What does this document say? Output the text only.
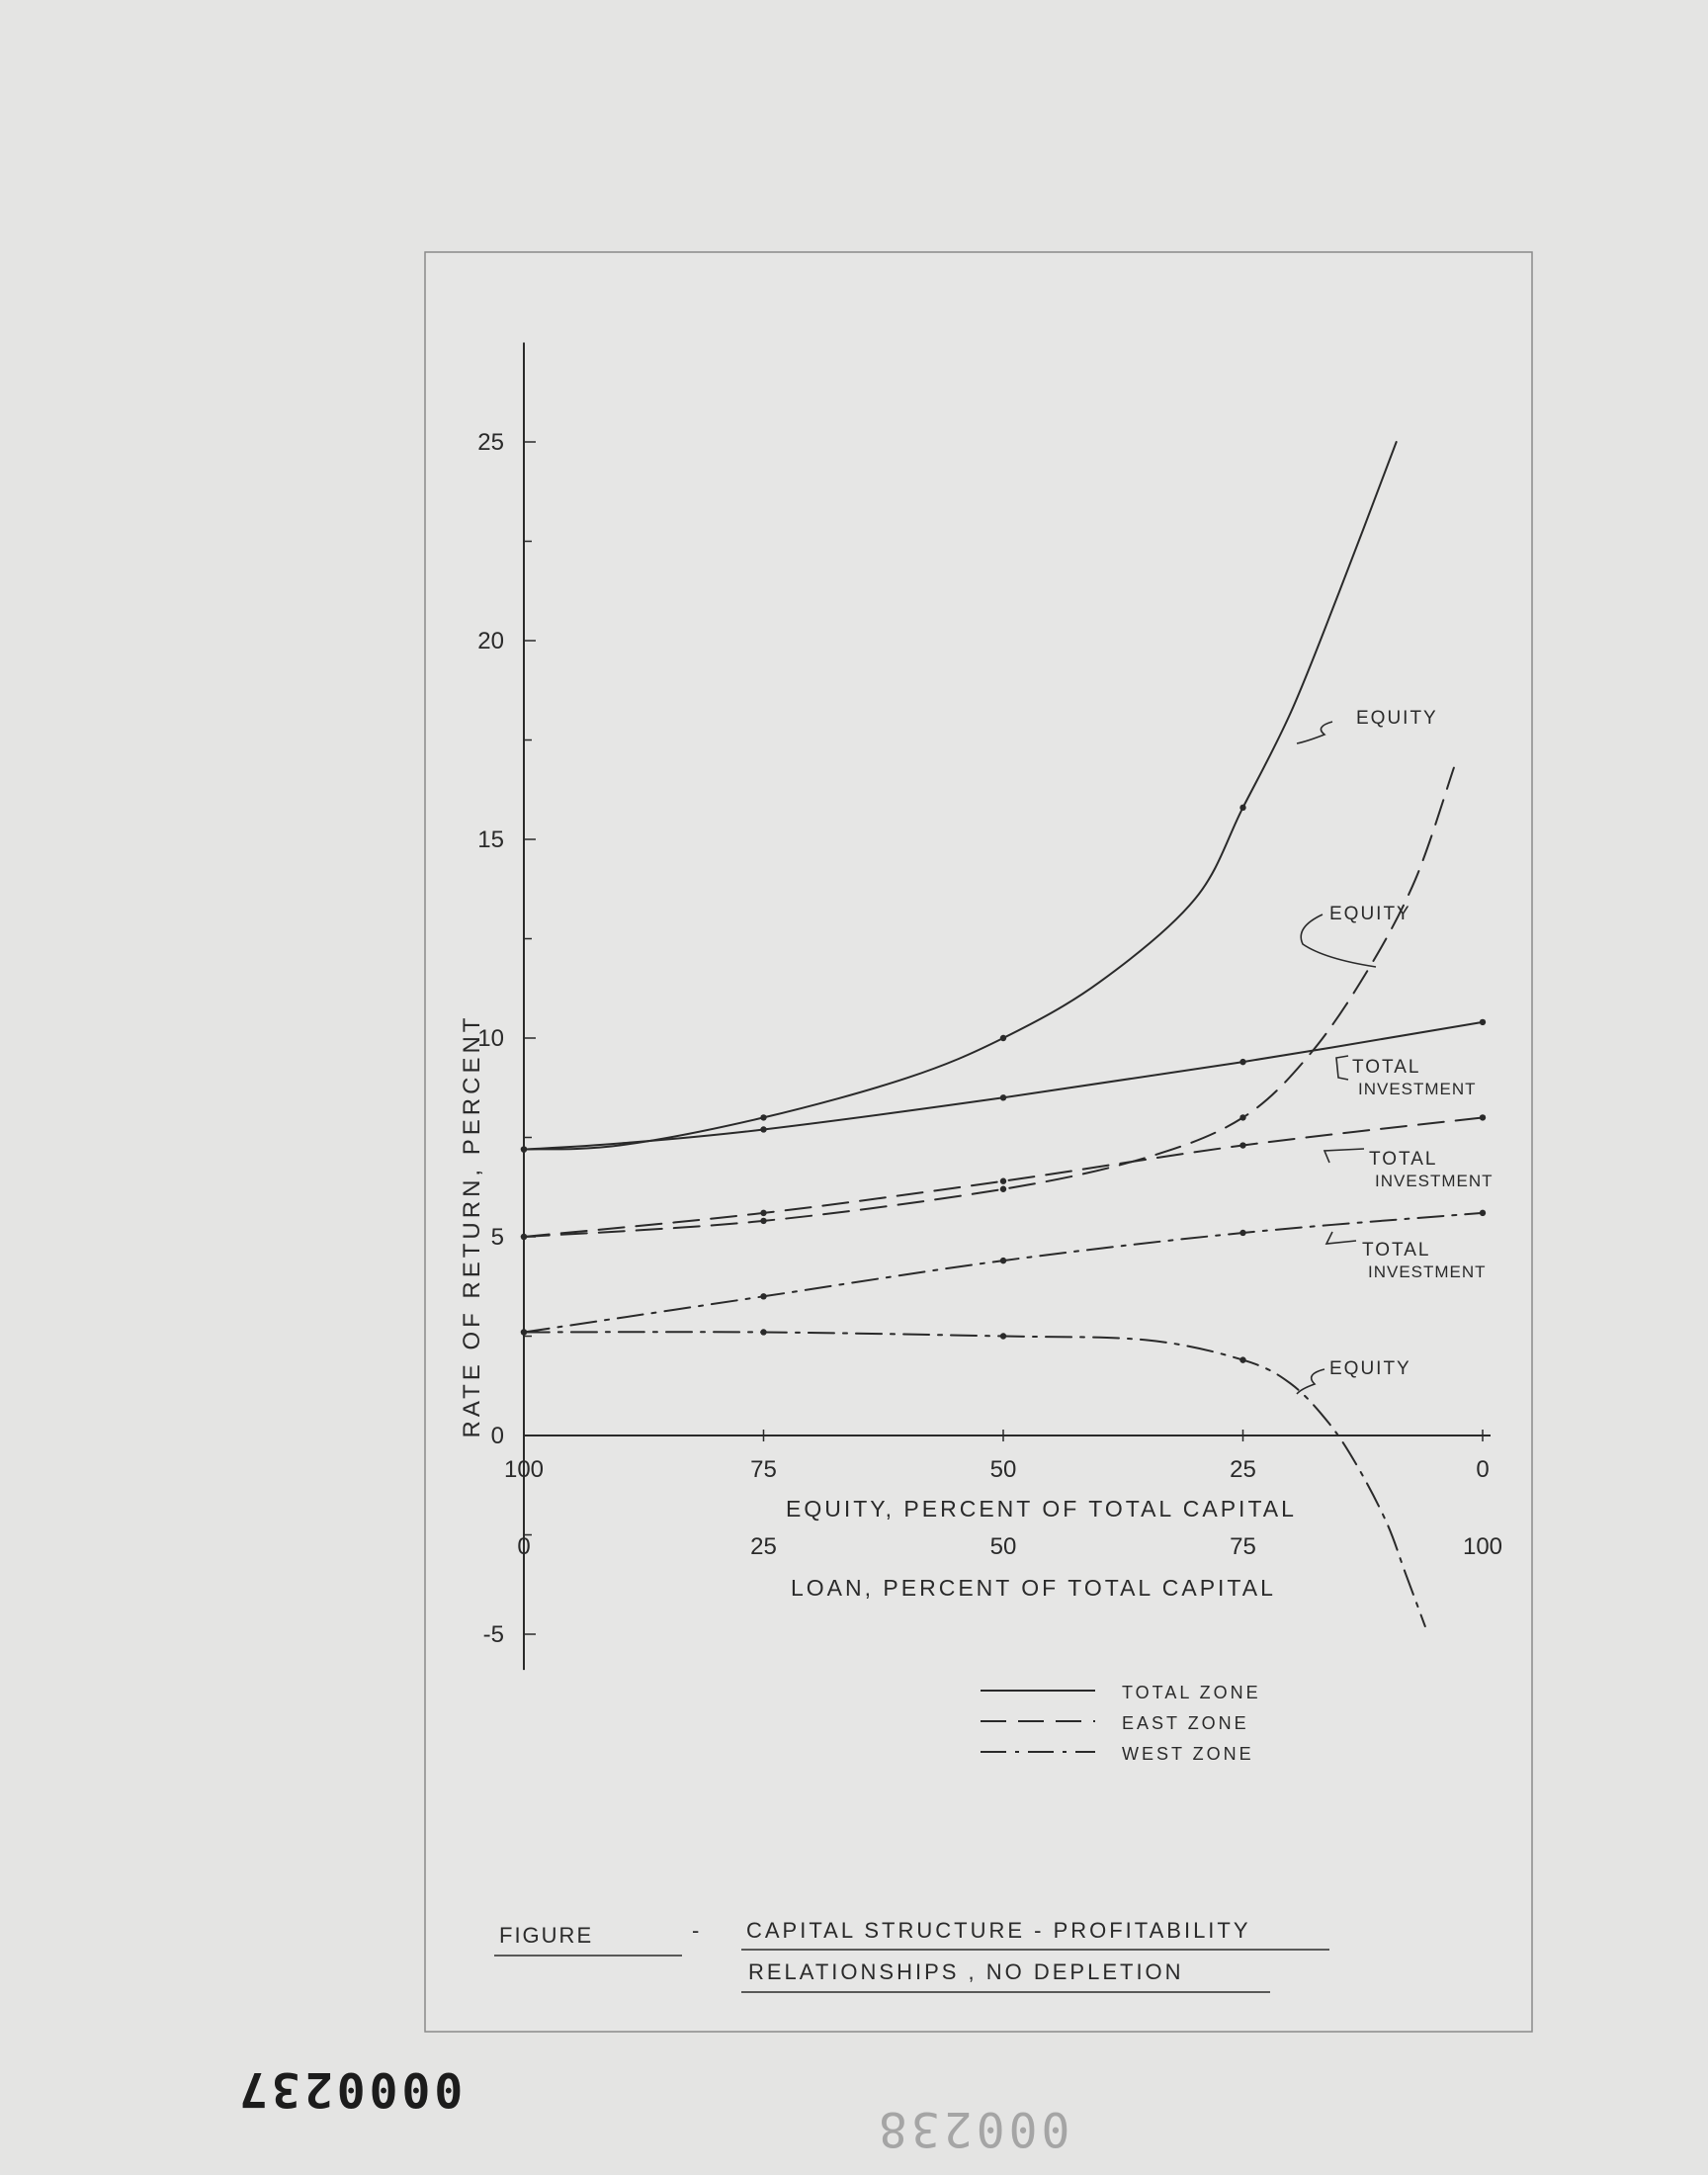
25
20
15
10
5
0
-5
100
0
75
25
50
50
25
75
0
100
EQUITY, PERCENT OF TOTAL CAPITAL
LOAN, PERCENT OF TOTAL CAPITAL
RATE OF RETURN, PERCENT
EQUITY
TOTAL
INVESTMENT
EQUITY
TOTAL
INVESTMENT
TOTAL
INVESTMENT
EQUITY
TOTAL ZONE
EAST ZONE
WEST ZONE
FIGURE	- CAPITAL STRUCTURE - PROFITABILITY
RELATIONSHIPS , NO DEPLETION
0000237
000238
